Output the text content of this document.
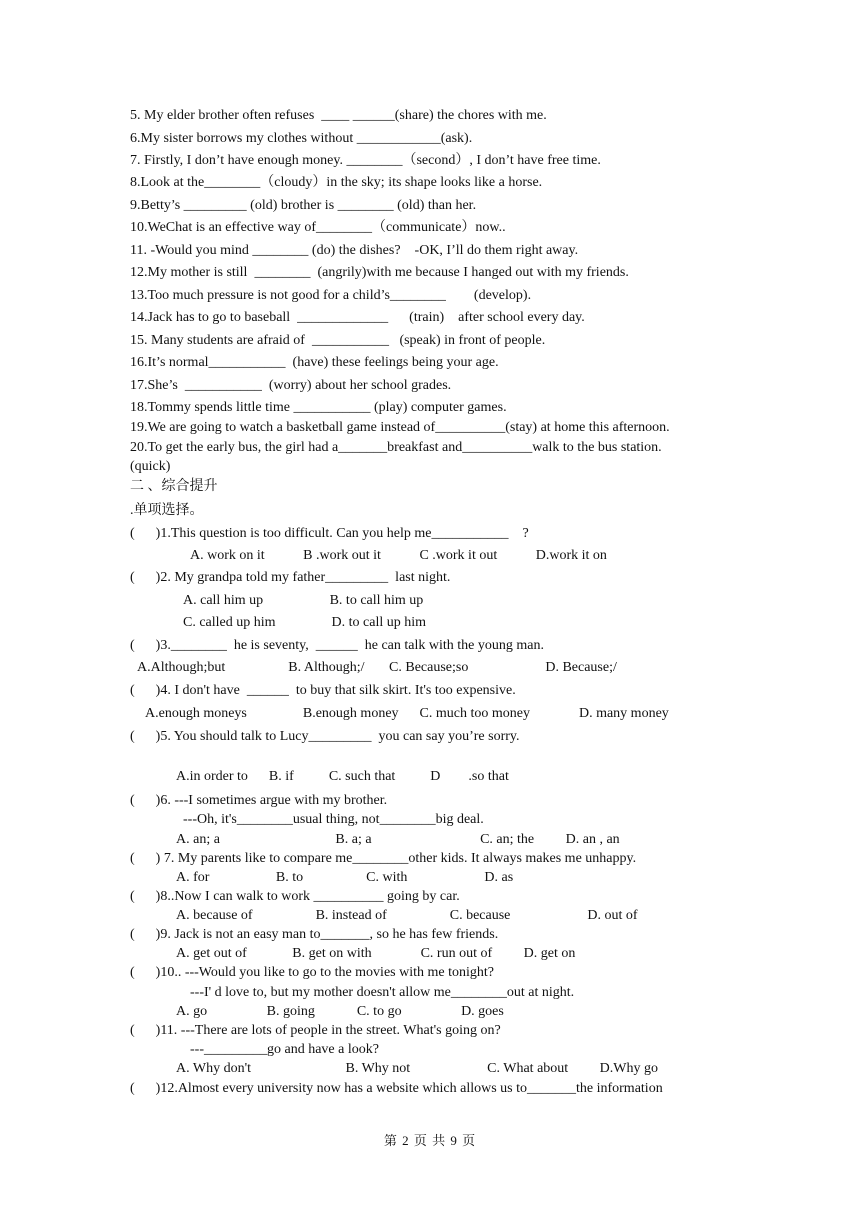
5. My elder brother often refuses  ____ ______(share) the chores with me.
6.My sister borrows my clothes without ____________(ask).
7. Firstly, I don’t have enough money. ________（second）, I don’t have free time.
8.Look at the________（cloudy）in the sky; its shape looks like a horse.
9.Betty’s _________ (old) brother is ________ (old) than her.
10.WeChat is an effective way of________（communicate）now..
11. -Would you mind ________ (do) the dishes?    -OK, I’ll do them right away.
12.My mother is still  ________  (angrily)with me because I hanged out with my friends.
13.Too much pressure is not good for a child’s________        (develop).
14.Jack has to go to baseball  _____________      (train)    after school every day.
15. Many students are afraid of  ___________   (speak) in front of people.
16.It’s normal___________  (have) these feelings being your age.
17.She’s  ___________  (worry) about her school grades.
18.Tommy spends little time ___________ (play) computer games.
19.We are going to watch a basketball game instead of__________(stay) at home this afternoon.
20.To get the early bus, the girl had a_______breakfast and__________walk to the bus station.
(quick)
二 、综合提升
.单项选择。
(      )1.This question is too difficult. Can you help me___________    ?
A. work on it           B .work out it           C .work it out           D.work it on
(      )2. My grandpa told my father_________  last night.
A. call him up                   B. to call him up
C. called up him                D. to call up him
(      )3.________  he is seventy,  ______  he can talk with the young man.
A.Although;but                  B. Although;/       C. Because;so                      D. Because;/
(      )4. I don't have  ______  to buy that silk skirt. It's too expensive.
A.enough moneys                B.enough money      C. much too money              D. many money
(      )5. You should talk to Lucy_________  you can say you’re sorry.
A.in order to      B. if          C. such that          D        .so that
(      )6. ---I sometimes argue with my brother.
---Oh, it's________usual thing, not________big deal.
A. an; a                                 B. a; a                               C. an; the         D. an , an
(      ) 7. My parents like to compare me________other kids. It always makes me unhappy.
A. for                   B. to                  C. with                      D. as
(      )8..Now I can walk to work __________ going by car.
A. because of                  B. instead of                  C. because                      D. out of
(      )9. Jack is not an easy man to_______, so he has few friends.
A. get out of             B. get on with              C. run out of         D. get on
(      )10.. ---Would you like to go to the movies with me tonight?
---I' d love to, but my mother doesn't allow me________out at night.
A. go                 B. going            C. to go                 D. goes
(      )11. ---There are lots of people in the street. What's going on?
---_________go and have a look?
A. Why don't                           B. Why not                      C. What about         D.Why go
(      )12.Almost every university now has a website which allows us to_______the information
第 2 页 共 9 页
